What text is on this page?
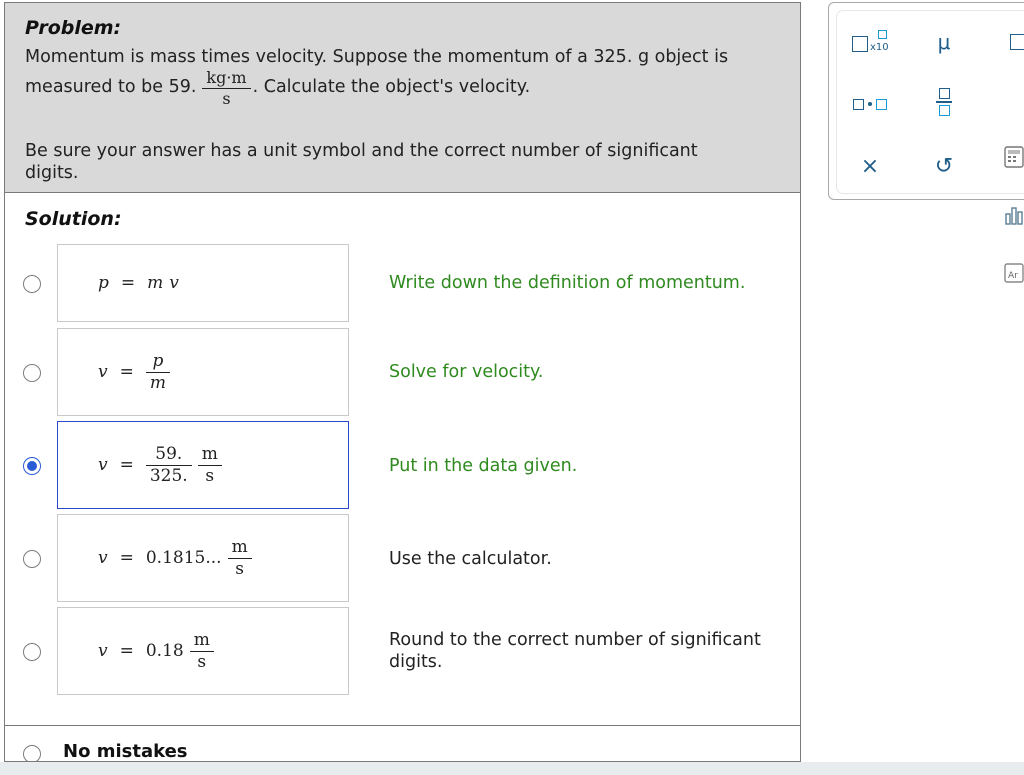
Problem:
Momentum is mass times velocity. Suppose the momentum of a 325. g object is
measured to be 59. $\frac{kg\cdot m}{s}$ . Calculate the object's velocity.
Be sure your answer has a unit symbol and the correct number of significant
digits.
Solution:
p = m v	Write down the definition of momentum.
$v = \frac{p}{m}$	Solve for velocity.
$v = \frac{59.}{325.} \frac{m}{s}$	Put in the data given.
v = 0.1815... $\frac{m}{s}$	Use the calculator.
$v = 0.18 \frac{m}{s}$	Round to the correct number of significant
digits.
No mistakes
x10 μ
×	↺
Ar
